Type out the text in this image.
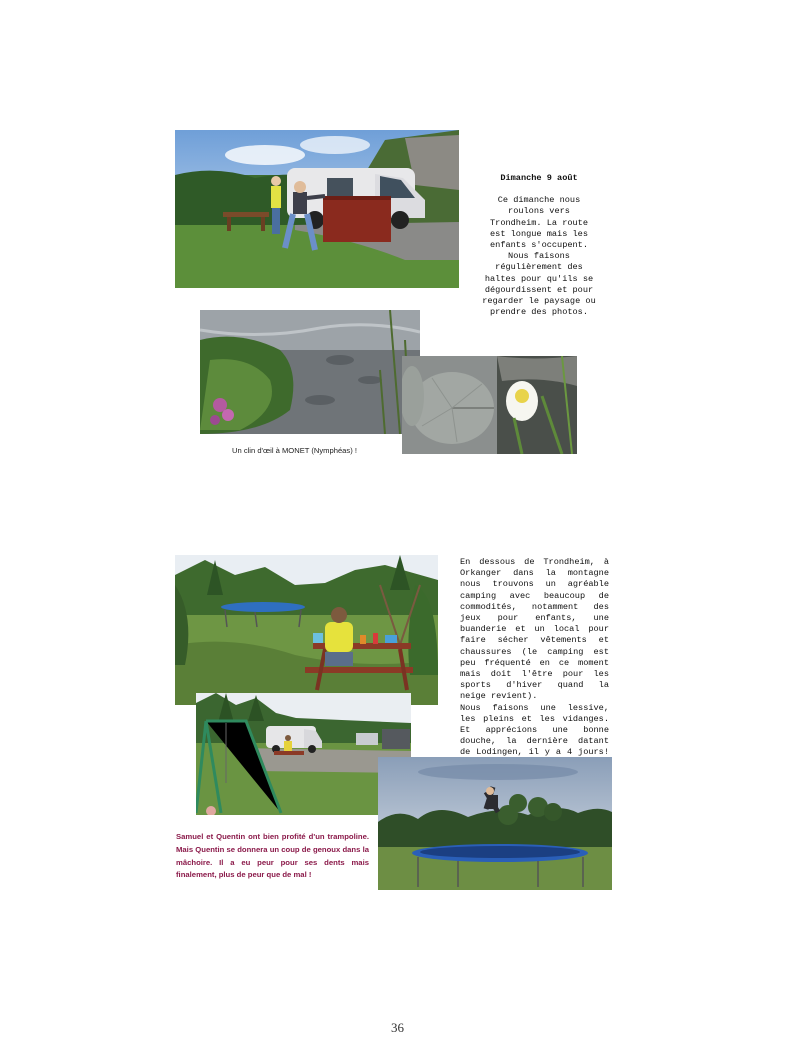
Dimanche 9 août
Ce dimanche nous
roulons vers
Trondheim. La route
est longue mais les
enfants s'occupent.
Nous faisons
régulièrement des
haltes pour qu'ils se
dégourdissent et pour
regarder le paysage ou
prendre des photos.
Un clin d'œil à MONET (Nymphéas) !
En dessous de Trondheim, à
Orkanger dans la montagne
nous trouvons un agréable
camping avec beaucoup de
commodités, notamment des
jeux pour enfants, une
buanderie et un local pour
faire sécher vêtements et
chaussures (le camping est
peu fréquenté en ce moment
mais doit l'être pour les
sports d'hiver quand la
neige revient).
Nous faisons une lessive,
les pleins et les vidanges.
Et apprécions une bonne
douche, la dernière datant
de Lodingen, il y a 4 jours!
Samuel et Quentin ont bien profité d'un trampoline. Mais Quentin se donnera un coup de genoux dans la mâchoire. Il a eu peur pour ses dents mais finalement, plus de peur que de mal !
36
